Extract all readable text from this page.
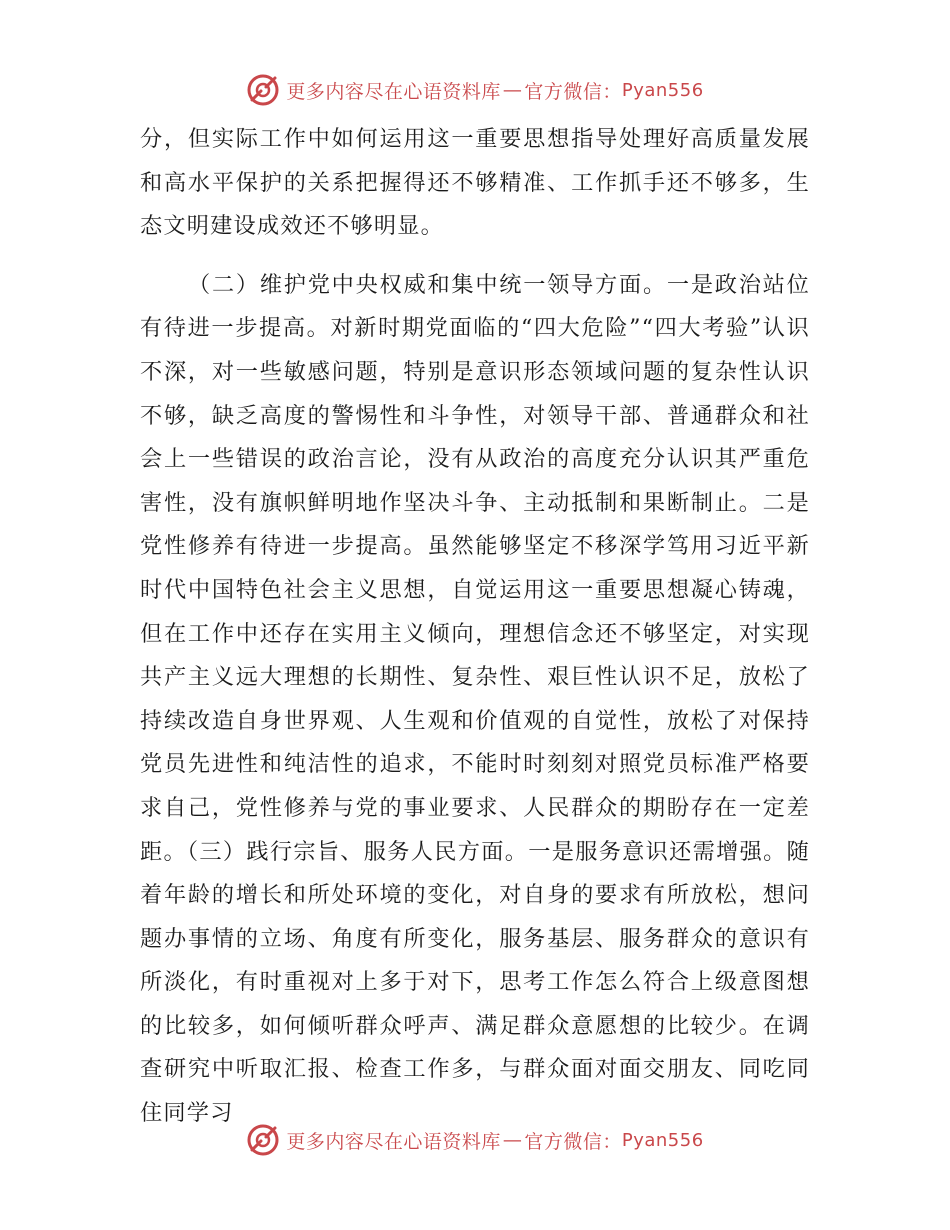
更多内容尽在心语资料库 — 官方微信： Pyan556

分，但实际工作中如何运用这一重要思想指导处理好高质量发展和高水平保护的关系把握得还不够精准、工作抓手还不够多，生态文明建设成效还不够明显。

（二）维护党中央权威和集中统一领导方面。一是政治站位有待进一步提高。对新时期党面临的“四大危险”“四大考验”认识不深，对一些敏感问题，特别是意识形态领域问题的复杂性认识不够，缺乏高度的警惕性和斗争性，对领导干部、普通群众和社会上一些错误的政治言论，没有从政治的高度充分认识其严重危害性，没有旗帜鲜明地作坚决斗争、主动抵制和果断制止。二是党性修养有待进一步提高。虽然能够坚定不移深学笃用习近平新时代中国特色社会主义思想，自觉运用这一重要思想凝心铸魂，但在工作中还存在实用主义倾向，理想信念还不够坚定，对实现共产主义远大理想的长期性、复杂性、艰巨性认识不足，放松了持续改造自身世界观、人生观和价值观的自觉性，放松了对保持党员先进性和纯洁性的追求，不能时时刻刻对照党员标准严格要求自己，党性修养与党的事业要求、人民群众的期盼存在一定差距。（三）践行宗旨、服务人民方面。一是服务意识还需增强。随着年龄的增长和所处环境的变化，对自身的要求有所放松，想问题办事情的立场、角度有所变化，服务基层、服务群众的意识有所淡化，有时重视对上多于对下，思考工作怎么符合上级意图想的比较多，如何倾听群众呼声、满足群众意愿想的比较少。在调查研究中听取汇报、检查工作多，与群众面对面交朋友、同吃同住同学习

更多内容尽在心语资料库 — 官方微信： Pyan556
